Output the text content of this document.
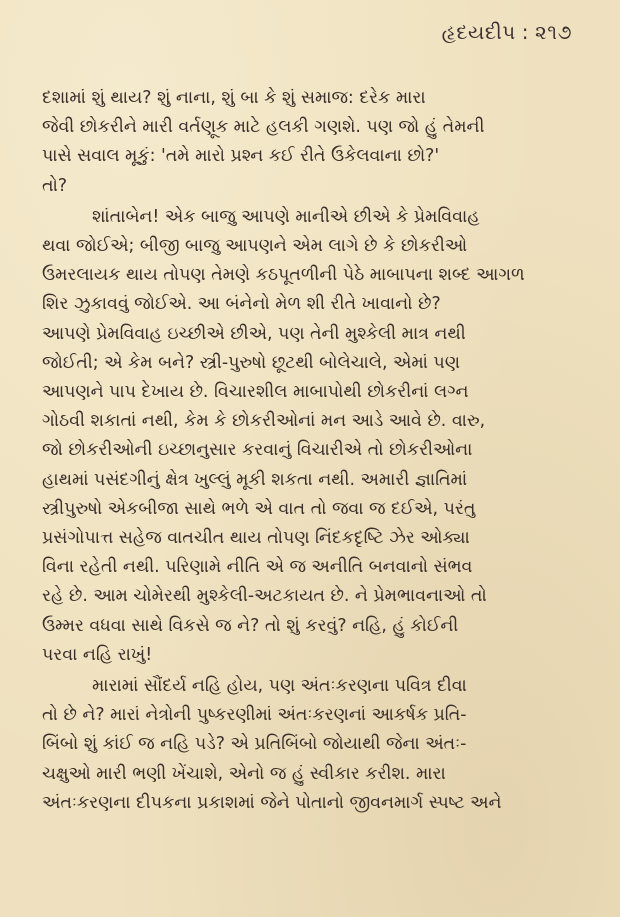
હૃદયદીપ : ૨૧૭
દશામાં શું થાય? શું નાના, શું બા કે શું સમાજ: દરેક મારા
જેવી છોકરીને મારી વર્તણૂક માટે હલકી ગણશે. પણ જો હું તેમની
પાસે સવાલ મૂકું: 'તમે મારો પ્રશ્ન કઈ રીતે ઉકેલવાના છો?'
તો?
શાંતાબેન! એક બાજુ આપણે માનીએ છીએ કે પ્રેમવિવાહ
થવા જોઈએ; બીજી બાજુ આપણને એમ લાગે છે કે છોકરીઓ
ઉમરલાયક થાય તોપણ તેમણે કઠપૂતળીની પેઠે માબાપના શબ્દ આગળ
શિર ઝુકાવવું જોઈએ. આ બંનેનો મેળ શી રીતે ખાવાનો છે?
આપણે પ્રેમવિવાહ ઇચ્છીએ છીએ, પણ તેની મુશ્કેલી માત્ર નથી
જોઈતી; એ કેમ બને? સ્ત્રી-પુરુષો છૂટથી બોલેચાલે, એમાં પણ
આપણને પાપ દેખાય છે. વિચારશીલ માબાપોથી છોકરીનાં લગ્ન
ગોઠવી શકાતાં નથી, કેમ કે છોકરીઓનાં મન આડે આવે છે. વારુ,
જો છોકરીઓની ઇચ્છાનુસાર કરવાનું વિચારીએ તો છોકરીઓના
હાથમાં પસંદગીનું ક્ષેત્ર ખુલ્લું મૂકી શકતા નથી. અમારી જ્ઞાતિમાં
સ્ત્રીપુરુષો એકબીજા સાથે ભળે એ વાત તો જવા જ દઈએ, પરંતુ
પ્રસંગોપાત્ત સહેજ વાતચીત થાય તોપણ નિંદકદૃષ્ટિ ઝેર ઓક્યા
વિના રહેતી નથી. પરિણામે નીતિ એ જ અનીતિ બનવાનો સંભવ
રહે છે. આમ ચોમેરથી મુશ્કેલી-અટકાયત છે. ને પ્રેમભાવનાઓ તો
ઉમ્મર વધવા સાથે વિકસે જ ને? તો શું કરવું? નહિ, હું કોઈની
પરવા નહિ રાખું!
મારામાં સૌંદર્ય નહિ હોય, પણ અંતઃકરણના પવિત્ર દીવા
તો છે ને? મારાં નેત્રોની પુષ્કરણીમાં અંતઃકરણનાં આકર્ષક પ્રતિ-
બિંબો શું કાંઈ જ નહિ પડે? એ પ્રતિબિંબો જોયાથી જેના અંતઃ-
ચક્ષુઓ મારી ભણી ખેંચાશે, એનો જ હું સ્વીકાર કરીશ. મારા
અંતઃકરણના દીપકના પ્રકાશમાં જેને પોતાનો જીવનમાર્ગ સ્પષ્ટ અને
